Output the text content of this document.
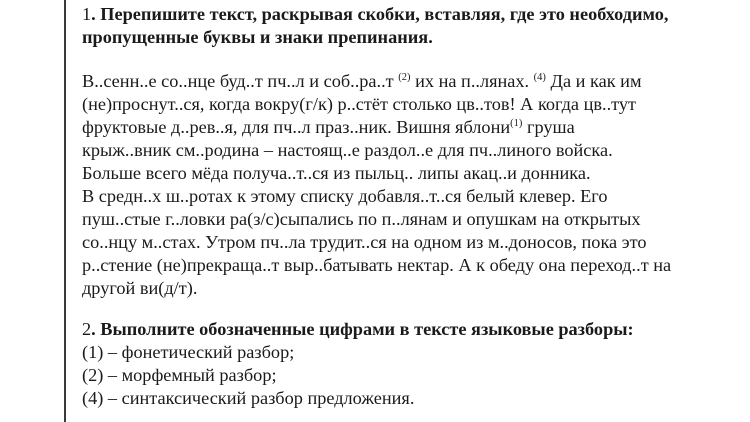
1. Перепишите текст, раскрывая скобки, вставляя, где это необходимо,
пропущенные буквы и знаки препинания.
В..сенн..е со..нце буд..т пч..л и соб..ра..т $^{(2)}$ их на п..лянах. $^{(4)}$ Да и как им
(не)проснут..ся, когда вокру(г/к) р..стёт столько цв..тов! А когда цв..тут
фруктовые д..рев..я, для пч..л праз..ник. Вишня яблони$^{(1)}$ груша
крыж..вник см..родина – настоящ..е раздол..е для пч..линого войска.
Больше всего мёда получа..т..ся из пыльц.. липы акац..и донника.
В средн..х ш..ротах к этому списку добавля..т..ся белый клевер. Его
пуш..стые г..ловки ра(з/с)сыпались по п..лянам и опушкам на открытых
со..нцу м..стах. Утром пч..ла трудит..ся на одном из м..доносов, пока это
р..стение (не)прекраща..т выр..батывать нектар. А к обеду она переход..т на
другой ви(д/т).
2. Выполните обозначенные цифрами в тексте языковые разборы:
(1) – фонетический разбор;
(2) – морфемный разбор;
(4) – синтаксический разбор предложения.
